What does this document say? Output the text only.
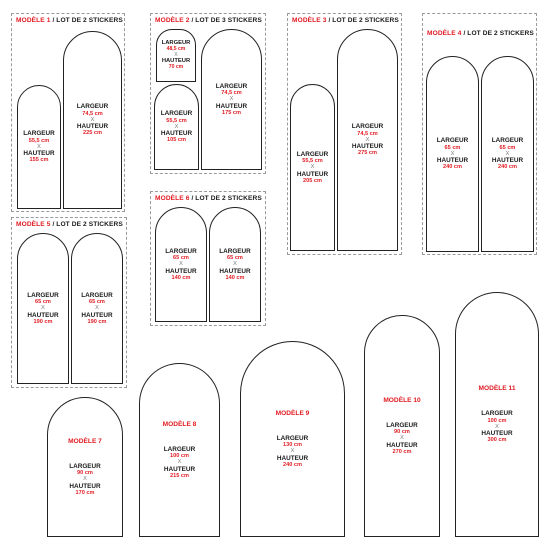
MODÈLE 1 / LOT DE 2 STICKERS
LARGEUR
55,5 cm
X
HAUTEUR
155 cm
LARGEUR
74,5 cm
X
HAUTEUR
225 cm
MODÈLE 2 / LOT DE 3 STICKERS
LARGEUR
48,5 cm
X
HAUTEUR
70 cm
LARGEUR
55,5 cm
X
HAUTEUR
105 cm
LARGEUR
74,5 cm
X
HAUTEUR
175 cm
MODÈLE 3 / LOT DE 2 STICKERS
LARGEUR
55,5 cm
X
HAUTEUR
205 cm
LARGEUR
74,5 cm
X
HAUTEUR
275 cm
MODÈLE 4 / LOT DE 2 STICKERS
LARGEUR
65 cm
X
HAUTEUR
240 cm
LARGEUR
65 cm
X
HAUTEUR
240 cm
MODÈLE 5 / LOT DE 2 STICKERS
LARGEUR
65 cm
X
HAUTEUR
190 cm
LARGEUR
65 cm
X
HAUTEUR
190 cm
MODÈLE 6 / LOT DE 2 STICKERS
LARGEUR
65 cm
X
HAUTEUR
140 cm
LARGEUR
65 cm
X
HAUTEUR
140 cm
MODÈLE 7
LARGEUR
90 cm
X
HAUTEUR
170 cm
MODÈLE 8
LARGEUR
100 cm
X
HAUTEUR
215 cm
MODÈLE 9
LARGEUR
130 cm
X
HAUTEUR
240 cm
MODÈLE 10
LARGEUR
90 cm
X
HAUTEUR
270 cm
MODÈLE 11
LARGEUR
100 cm
X
HAUTEUR
300 cm
